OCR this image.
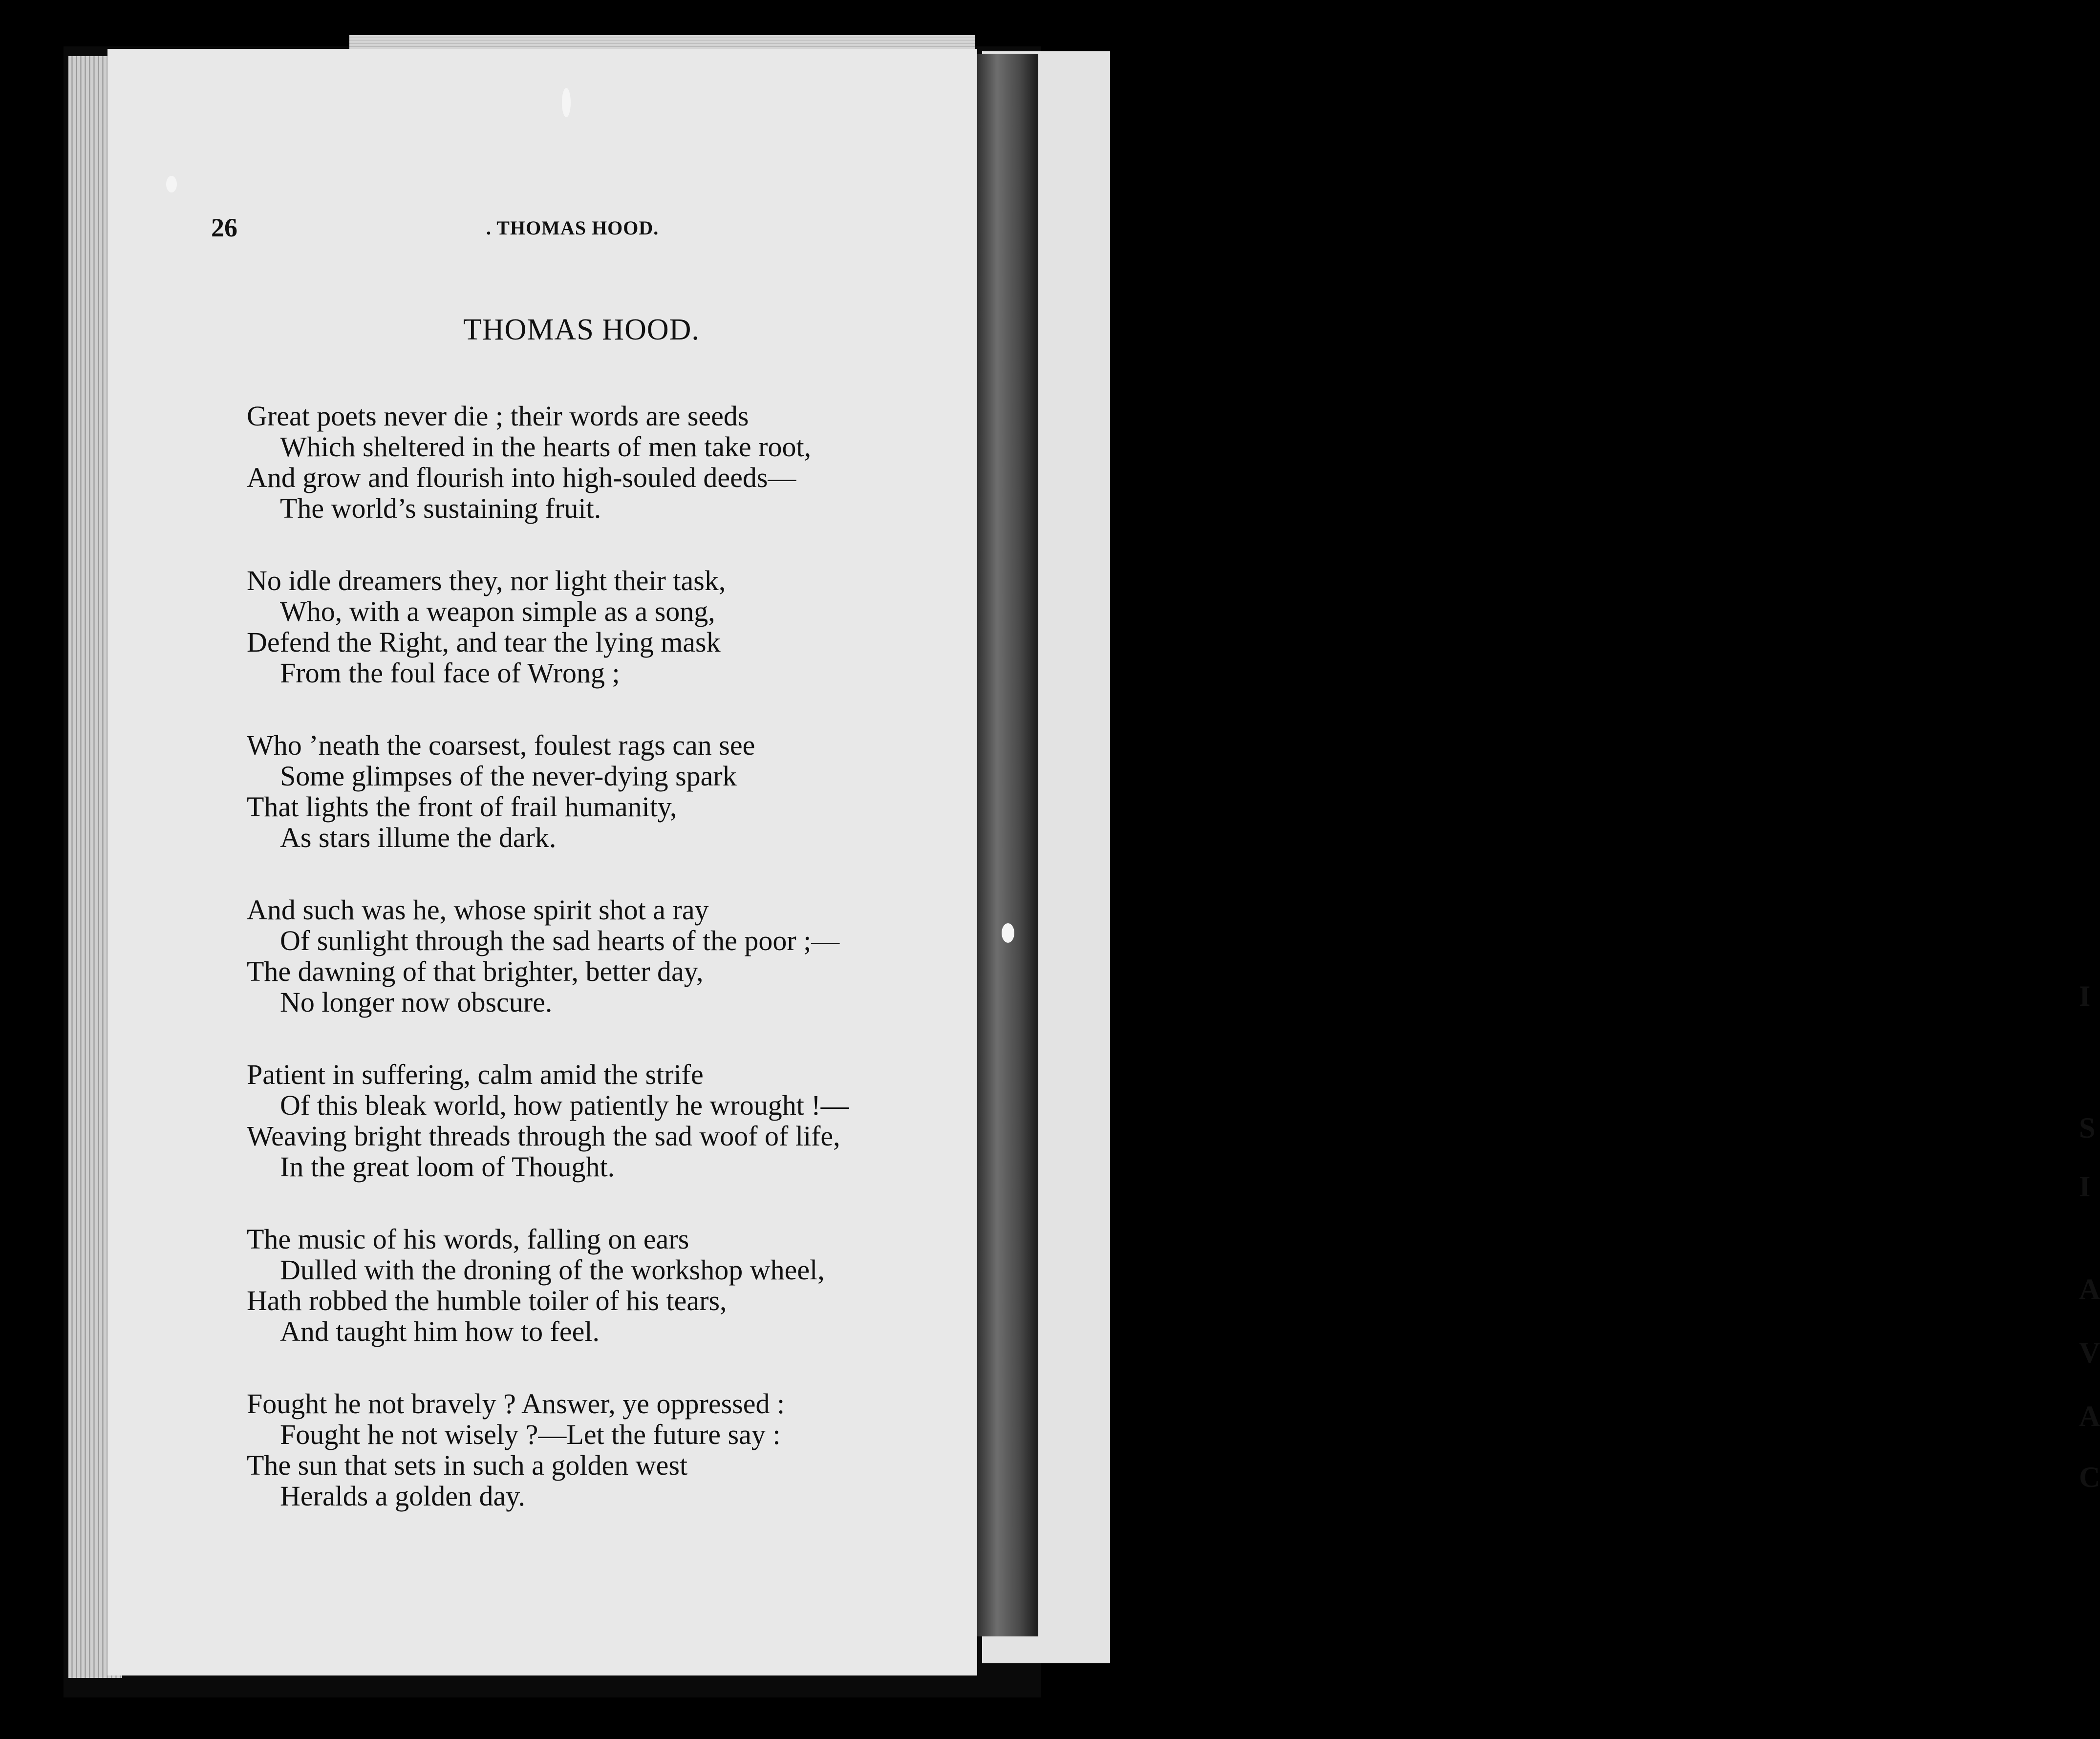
I
S
I
A
V
A
C
26	. THOMAS HOOD.
THOMAS HOOD.
Great poets never die ; their words are seeds
Which sheltered in the hearts of men take root,
And grow and flourish into high-souled deeds—
The world’s sustaining fruit.
No idle dreamers they, nor light their task,
Who, with a weapon simple as a song,
Defend the Right, and tear the lying mask
From the foul face of Wrong ;
Who ’neath the coarsest, foulest rags can see
Some glimpses of the never-dying spark
That lights the front of frail humanity,
As stars illume the dark.
And such was he, whose spirit shot a ray
Of sunlight through the sad hearts of the poor ;—
The dawning of that brighter, better day,
No longer now obscure.
Patient in suffering, calm amid the strife
Of this bleak world, how patiently he wrought !—
Weaving bright threads through the sad woof of life,
In the great loom of Thought.
The music of his words, falling on ears
Dulled with the droning of the workshop wheel,
Hath robbed the humble toiler of his tears,
And taught him how to feel.
Fought he not bravely ? Answer, ye oppressed :
Fought he not wisely ?—Let the future say :
The sun that sets in such a golden west
Heralds a golden day.
